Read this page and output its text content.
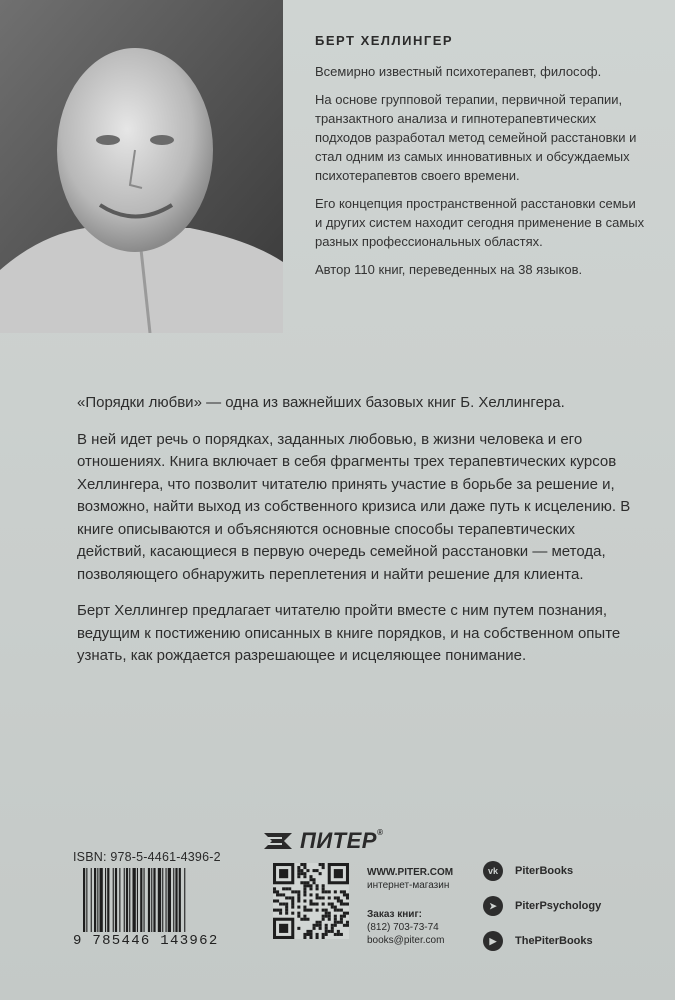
БЕРТ ХЕЛЛИНГЕР

Всемирно известный психотерапевт, философ.

На основе групповой терапии, первичной терапии, транзактного анализа и гипнотерапевтических подходов разработал метод семейной расстановки и стал одним из самых инновативных и обсуждаемых психотерапевтов своего времени.

Его концепция пространственной расстановки семьи и других систем находит сегодня применение в самых разных профессиональных областях.

Автор 110 книг, переведенных на 38 языков.

«Порядки любви» — одна из важнейших базовых книг Б. Хеллингера.

В ней идет речь о порядках, заданных любовью, в жизни человека и его отношениях. Книга включает в себя фрагменты трех терапевтических курсов Хеллингера, что позволит читателю принять участие в борьбе за решение и, возможно, найти выход из собственного кризиса или даже путь к исцелению. В книге описываются и объясняются основные способы терапевтических действий, касающиеся в первую очередь семейной расстановки — метода, позволяющего обнаружить переплетения и найти решение для клиента.

Берт Хеллингер предлагает читателю пройти вместе с ним путем познания, ведущим к постижению описанных в книге порядков, и на собственном опыте узнать, как рождается разрешающее и исцеляющее понимание.

ISBN: 978-5-4461-4396-2
9 785446 143962
ПИТЕР®
WWW.PITER.COM
интернет-магазин
Заказ книг:
(812) 703-73-74
books@piter.com
vk	PiterBooks
➤	PiterPsychology
▶	ThePiterBooks
